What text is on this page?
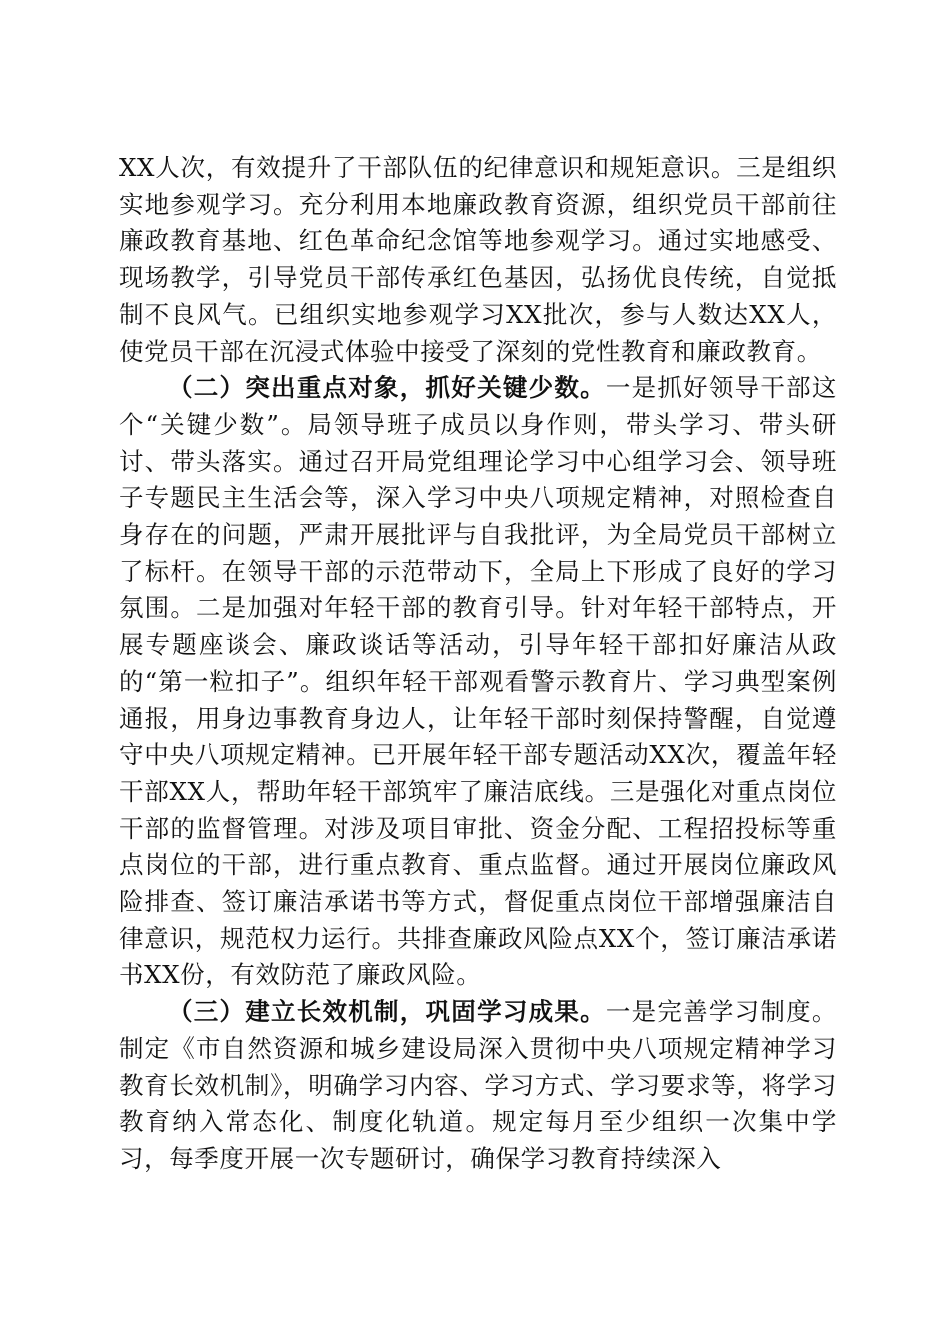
XX人次，有效提升了干部队伍的纪律意识和规矩意识。三是组织实地参观学习。充分利用本地廉政教育资源，组织党员干部前往廉政教育基地、红色革命纪念馆等地参观学习。通过实地感受、现场教学，引导党员干部传承红色基因，弘扬优良传统，自觉抵制不良风气。已组织实地参观学习XX批次，参与人数达XX人，使党员干部在沉浸式体验中接受了深刻的党性教育和廉政教育。

（二）突出重点对象，抓好关键少数。一是抓好领导干部这个“关键少数”。局领导班子成员以身作则，带头学习、带头研讨、带头落实。通过召开局党组理论学习中心组学习会、领导班子专题民主生活会等，深入学习中央八项规定精神，对照检查自身存在的问题，严肃开展批评与自我批评，为全局党员干部树立了标杆。在领导干部的示范带动下，全局上下形成了良好的学习氛围。二是加强对年轻干部的教育引导。针对年轻干部特点，开展专题座谈会、廉政谈话等活动，引导年轻干部扣好廉洁从政的“第一粒扣子”。组织年轻干部观看警示教育片、学习典型案例通报，用身边事教育身边人，让年轻干部时刻保持警醒，自觉遵守中央八项规定精神。已开展年轻干部专题活动XX次，覆盖年轻干部XX人，帮助年轻干部筑牢了廉洁底线。三是强化对重点岗位干部的监督管理。对涉及项目审批、资金分配、工程招投标等重点岗位的干部，进行重点教育、重点监督。通过开展岗位廉政风险排查、签订廉洁承诺书等方式，督促重点岗位干部增强廉洁自律意识，规范权力运行。共排查廉政风险点XX个，签订廉洁承诺书XX份，有效防范了廉政风险。

（三）建立长效机制，巩固学习成果。一是完善学习制度。制定《市自然资源和城乡建设局深入贯彻中央八项规定精神学习教育长效机制》，明确学习内容、学习方式、学习要求等，将学习教育纳入常态化、制度化轨道。规定每月至少组织一次集中学习，每季度开展一次专题研讨，确保学习教育持续深入
